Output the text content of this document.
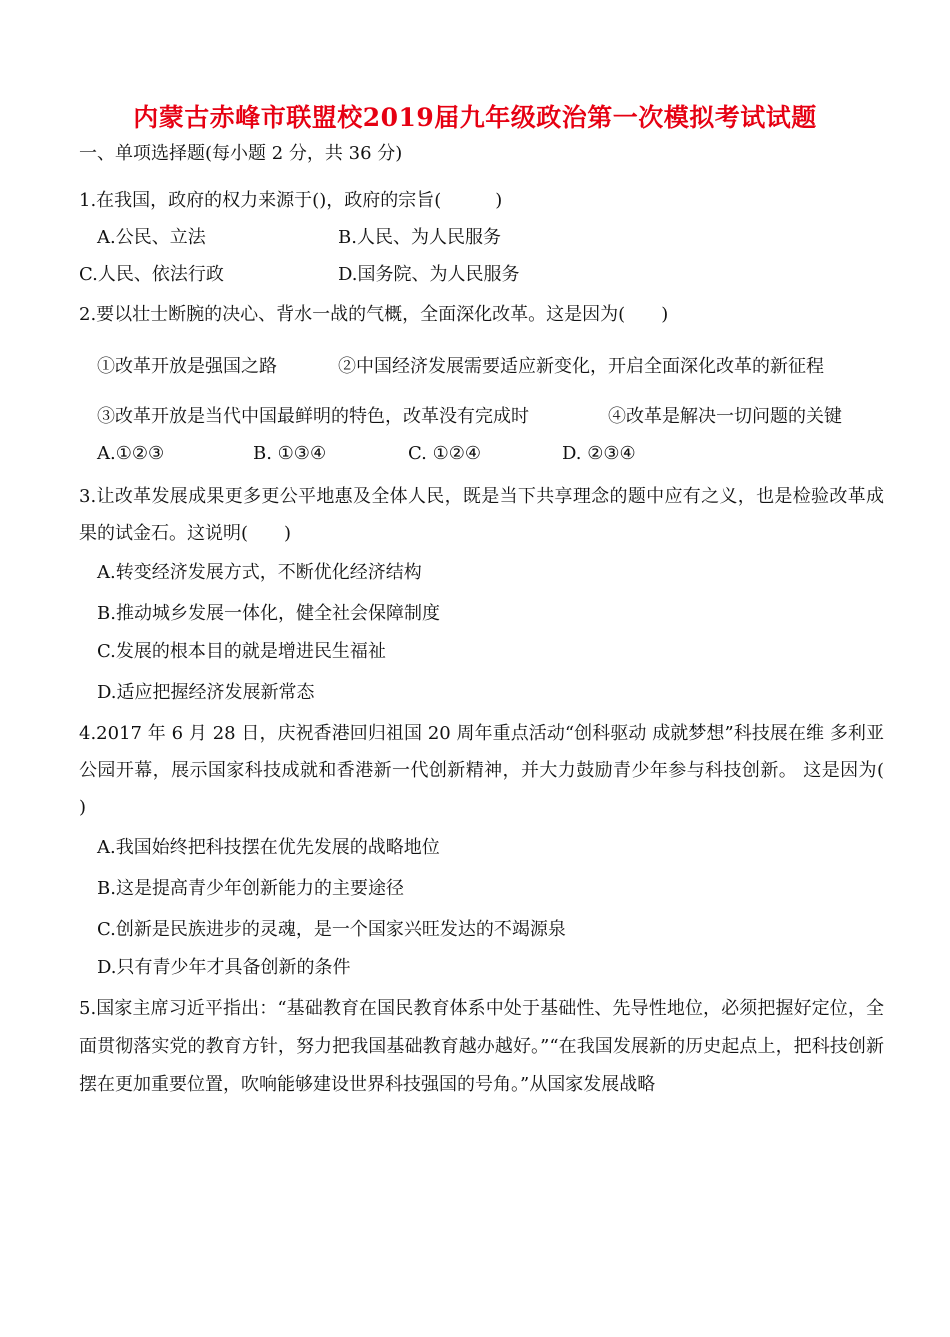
内蒙古赤峰市联盟校2019届九年级政治第一次模拟考试试题
一、单项选择题(每小题 2 分，共 36 分)
1.在我国，政府的权力来源于()，政府的宗旨(　　　)
A.公民、立法	B.人民、为人民服务
C.人民、依法行政	D.国务院、为人民服务
2.要以壮士断腕的决心、背水一战的气概，全面深化改革。这是因为(　　)
①改革开放是强国之路	②中国经济发展需要适应新变化，开启全面深化改革的新征程
③改革开放是当代中国最鲜明的特色，改革没有完成时	④改革是解决一切问题的关键
A.①②③	B. ①③④	C. ①②④	D. ②③④
3.让改革发展成果更多更公平地惠及全体人民，既是当下共享理念的题中应有之义，也是检验改革成果的试金石。这说明(　　)
A.转变经济发展方式，不断优化经济结构
B.推动城乡发展一体化，健全社会保障制度
C.发展的根本目的就是增进民生福祉
D.适应把握经济发展新常态
4.2017 年 6 月 28 日，庆祝香港回归祖国 20 周年重点活动“创科驱动 成就梦想”科技展在维 多利亚公园开幕，展示国家科技成就和香港新一代创新精神，并大力鼓励青少年参与科技创新。 这是因为(　　　)
A.我国始终把科技摆在优先发展的战略地位
B.这是提高青少年创新能力的主要途径
C.创新是民族进步的灵魂，是一个国家兴旺发达的不竭源泉
D.只有青少年才具备创新的条件
5.国家主席习近平指出：“基础教育在国民教育体系中处于基础性、先导性地位，必须把握好定位，全面贯彻落实党的教育方针，努力把我国基础教育越办越好。”“在我国发展新的历史起点上，把科技创新摆在更加重要位置，吹响能够建设世界科技强国的号角。”从国家发展战略
